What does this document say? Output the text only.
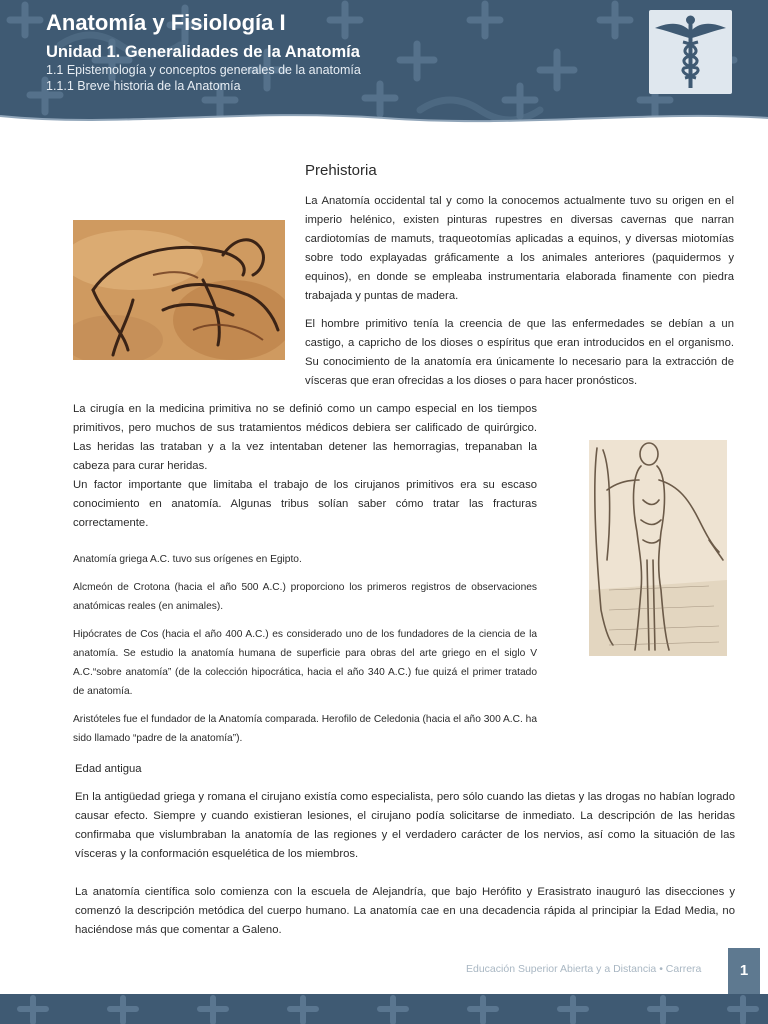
Anatomía y Fisiología I
Unidad 1. Generalidades de la Anatomía
1.1 Epistemología y conceptos generales de la anatomía
1.1.1 Breve historia de la Anatomía
Prehistoria

La Anatomía occidental tal y como la conocemos actualmente tuvo su origen en el imperio helénico, existen pinturas rupestres en diversas cavernas que narran cardiotomías de mamuts, traqueotomías aplicadas a equinos, y diversas miotomías sobre todo explayadas gráficamente a los animales anteriores (paquidermos y equinos), en donde se empleaba instrumentaria elaborada finamente con piedra trabajada y puntas de madera.

El hombre primitivo tenía la creencia de que las enfermedades se debían a un castigo, a capricho de los dioses o espíritus que eran introducidos en el organismo. Su conocimiento de la anatomía era únicamente lo necesario para la extracción de vísceras que eran ofrecidas a los dioses o para hacer pronósticos.

La cirugía en la medicina primitiva no se definió como un campo especial en los tiempos primitivos, pero muchos de sus tratamientos médicos debiera ser calificado de quirúrgico. Las heridas las trataban y a la vez intentaban detener las hemorragias, trepanaban la cabeza para curar heridas.

Un factor importante que limitaba el trabajo de los cirujanos primitivos era su escaso conocimiento en anatomía. Algunas tribus solían saber cómo tratar las fracturas correctamente.

Anatomía griega A.C. tuvo sus orígenes en Egipto.

Alcmeón de Crotona (hacia el año 500 A.C.) proporciono los primeros registros de observaciones anatómicas reales (en animales).

Hipócrates de Cos (hacia el año 400 A.C.) es considerado uno de los fundadores de la ciencia de la anatomía. Se estudio la anatomía humana de superficie para obras del arte griego en el siglo V A.C.“sobre anatomía” (de la colección hipocrática, hacia el año 340 A.C.) fue quizá el primer tratado de anatomía.

Aristóteles fue el fundador de la Anatomía comparada. Herofilo de Celedonia (hacia el año 300 A.C. ha sido llamado “padre de la anatomía”).

Edad antigua

En la antigüedad griega y romana el cirujano existía como especialista, pero sólo cuando las dietas y las drogas no habían logrado causar efecto. Siempre y cuando existieran lesiones, el cirujano podía solicitarse de inmediato. La descripción de las heridas confirmaba que vislumbraban la anatomía de las regiones y el verdadero carácter de los nervios, así como la situación de las vísceras y la conformación esquelética de los miembros.

La anatomía científica solo comienza con la escuela de Alejandría, que bajo Herófito y Erasistrato inauguró las disecciones y comenzó la descripción metódica del cuerpo humano. La anatomía cae en una decadencia rápida al principiar la Edad Media, no haciéndose más que comentar a Galeno.

Educación Superior Abierta y a Distancia • Carrera	1
